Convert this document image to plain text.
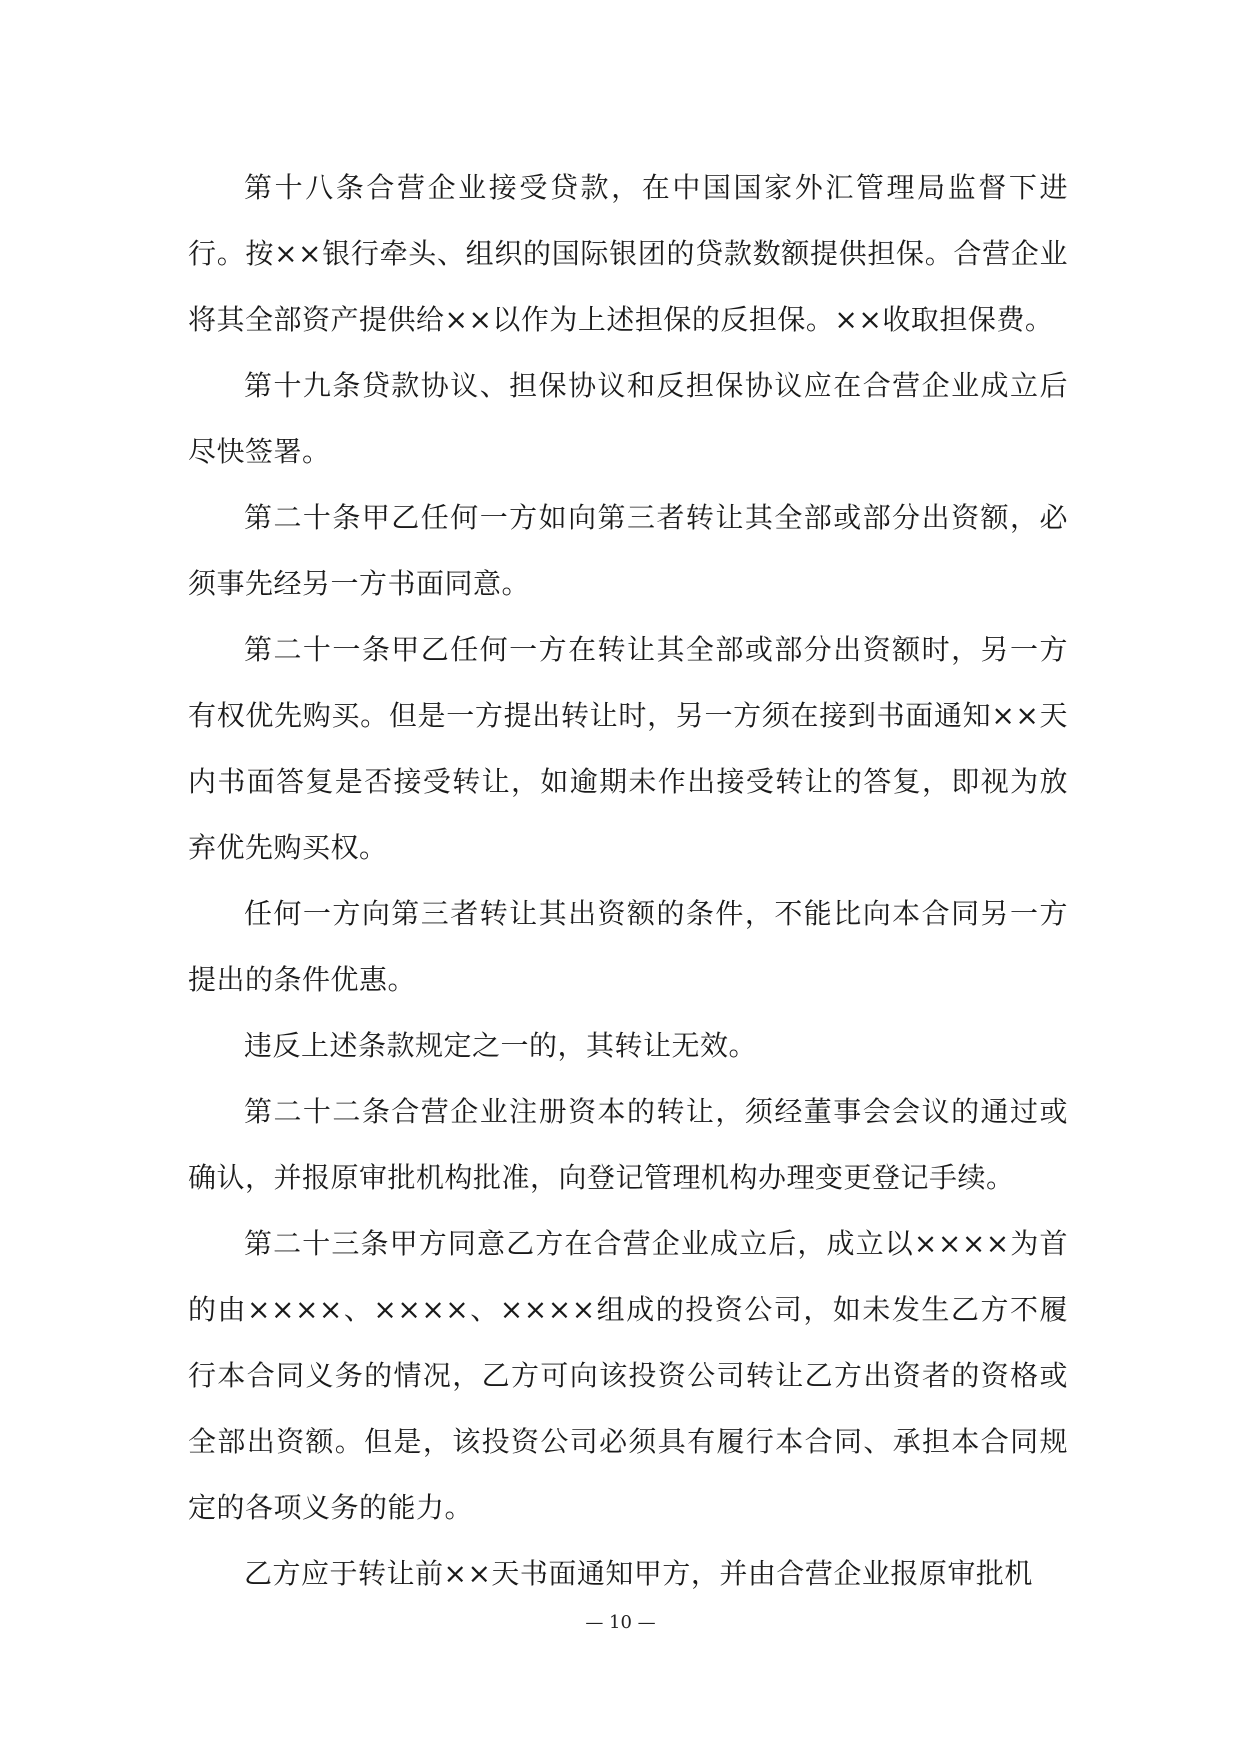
第十八条合营企业接受贷款，在中国国家外汇管理局监督下进行。按××银行牵头、组织的国际银团的贷款数额提供担保。合营企业将其全部资产提供给××以作为上述担保的反担保。××收取担保费。

第十九条贷款协议、担保协议和反担保协议应在合营企业成立后尽快签署。

第二十条甲乙任何一方如向第三者转让其全部或部分出资额，必须事先经另一方书面同意。

第二十一条甲乙任何一方在转让其全部或部分出资额时，另一方有权优先购买。但是一方提出转让时，另一方须在接到书面通知××天内书面答复是否接受转让，如逾期未作出接受转让的答复，即视为放弃优先购买权。

任何一方向第三者转让其出资额的条件，不能比向本合同另一方提出的条件优惠。

违反上述条款规定之一的，其转让无效。

第二十二条合营企业注册资本的转让，须经董事会会议的通过或确认，并报原审批机构批准，向登记管理机构办理变更登记手续。

第二十三条甲方同意乙方在合营企业成立后，成立以××××为首的由××××、××××、××××组成的投资公司，如未发生乙方不履行本合同义务的情况，乙方可向该投资公司转让乙方出资者的资格或全部出资额。但是，该投资公司必须具有履行本合同、承担本合同规定的各项义务的能力。

乙方应于转让前××天书面通知甲方，并由合营企业报原审批机

— 10 —
